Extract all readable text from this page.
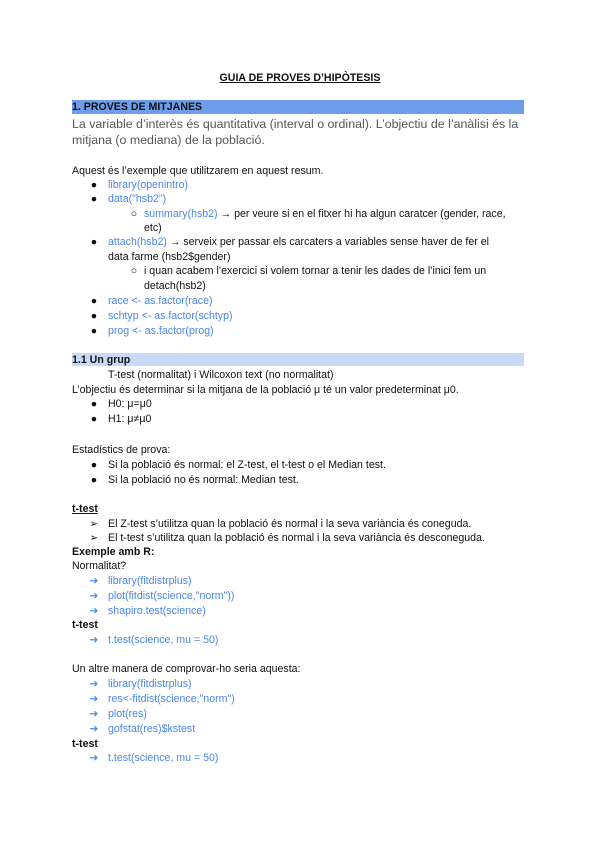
GUIA DE PROVES D’HIPÒTESIS
1. PROVES DE MITJANES
La variable d’interès és quantitativa (interval o ordinal). L’objectiu de l’anàlisi és la
mitjana (o mediana) de la població.
Aquest és l’exemple que utilitzarem en aquest resum.
● library(openintro)
● data("hsb2")
○ summary(hsb2) → per veure si en el fitxer hi ha algun caratcer (gender, race,
etc)
● attach(hsb2) → serveix per passar els carcaters a variables sense haver de fer el
data farme (hsb2$gender)
○ i quan acabem l’exercici si volem tornar a tenir les dades de l’inici fem un
detach(hsb2)
● race <- as.factor(race)
● schtyp <- as.factor(schtyp)
● prog <- as.factor(prog)
1.1 Un grup
T-test (normalitat) i Wilcoxon text (no normalitat)
L’objectiu és determinar si la mitjana de la població μ té un valor predeterminat μ0.
● H0: μ=μ0
● H1: μ≠μ0
Estadístics de prova:
● Si la població és normal: el Z-test, el t-test o el Median test.
● Si la població no és normal: Median test.
t-test
➢ El Z-test s’utilitza quan la població és normal i la seva variància és coneguda.
➢ El t-test s’utilitza quan la població és normal i la seva variància és desconeguda.
Exemple amb R:
Normalitat?
➔ library(fitdistrplus)
➔ plot(fitdist(science,"norm"))
➔ shapiro.test(science)
t-test
➔ t.test(science, mu = 50)
Un altre manera de comprovar-ho seria aquesta:
➔ library(fitdistrplus)
➔ res<-fitdist(science,"norm")
➔ plot(res)
➔ gofstat(res)$kstest
t-test
➔ t.test(science, mu = 50)
